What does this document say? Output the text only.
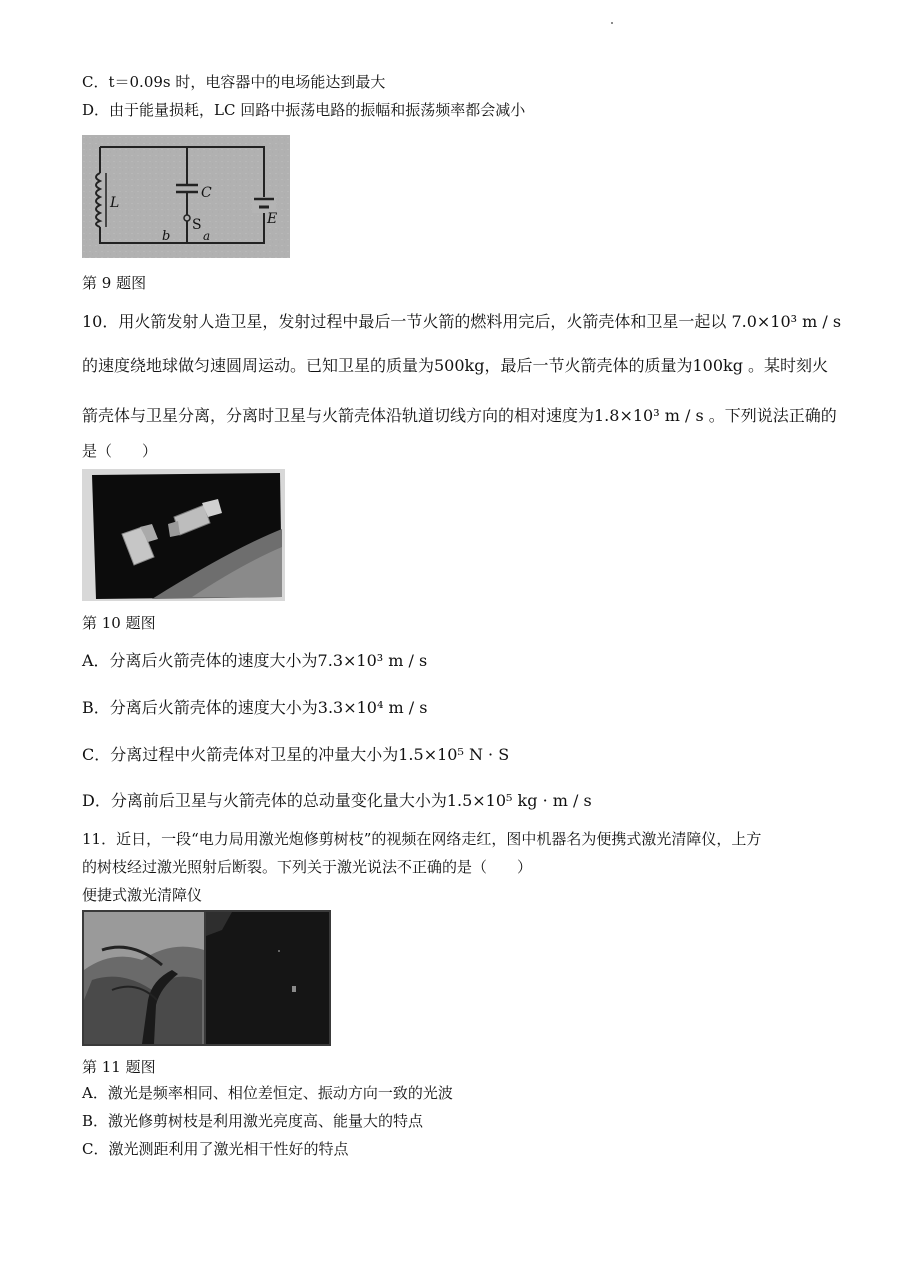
C．t＝0.09s 时，电容器中的电场能达到最大
D．由于能量损耗，LC 回路中振荡电路的振幅和振荡频率都会减小
L
C
S
a
b
E
第 9 题图
10．用火箭发射人造卫星，发射过程中最后一节火箭的燃料用完后，火箭壳体和卫星一起以 7.0×10³ m / s
的速度绕地球做匀速圆周运动。已知卫星的质量为500kg，最后一节火箭壳体的质量为100kg 。某时刻火
箭壳体与卫星分离，分离时卫星与火箭壳体沿轨道切线方向的相对速度为1.8×10³ m / s 。下列说法正确的
是（　　）
第 10 题图
A．分离后火箭壳体的速度大小为7.3×10³ m / s
B．分离后火箭壳体的速度大小为3.3×10⁴ m / s
C．分离过程中火箭壳体对卫星的冲量大小为1.5×10⁵ N · S
D．分离前后卫星与火箭壳体的总动量变化量大小为1.5×10⁵ kg · m / s
11．近日，一段“电力局用激光炮修剪树枝”的视频在网络走红，图中机器名为便携式激光清障仪，上方
的树枝经过激光照射后断裂。下列关于激光说法不正确的是（　　）
便捷式激光清障仪
第 11 题图
A．激光是频率相同、相位差恒定、振动方向一致的光波
B．激光修剪树枝是利用激光亮度高、能量大的特点
C．激光测距利用了激光相干性好的特点
